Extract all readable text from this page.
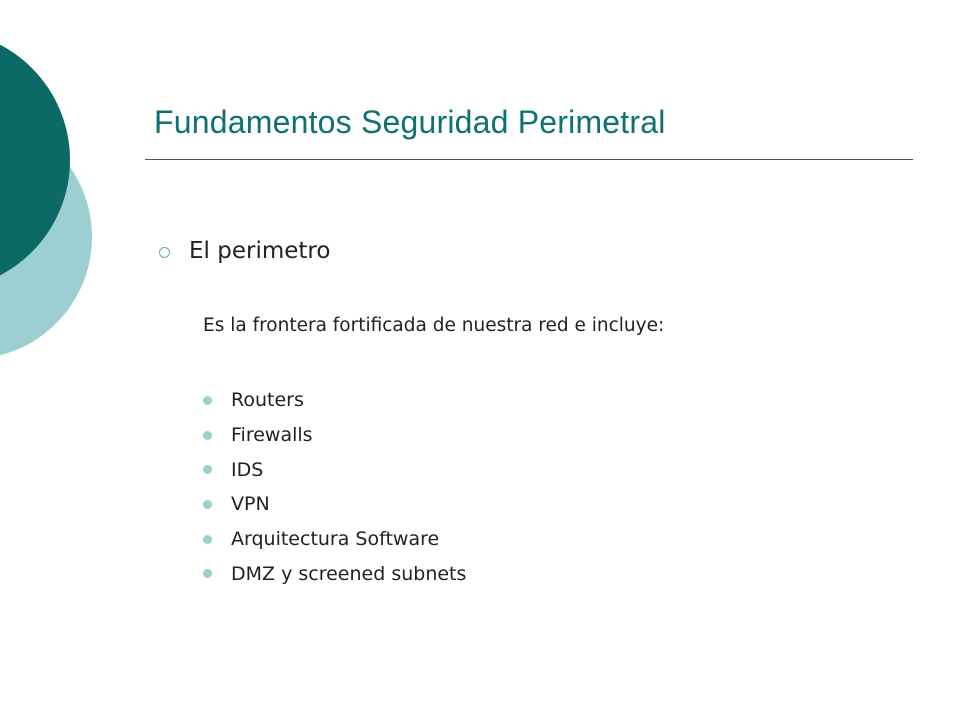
Fundamentos Seguridad Perimetral
El perimetro
Es la frontera fortificada de nuestra red e incluye:
Routers
Firewalls
IDS
VPN
Arquitectura Software
DMZ y screened subnets
